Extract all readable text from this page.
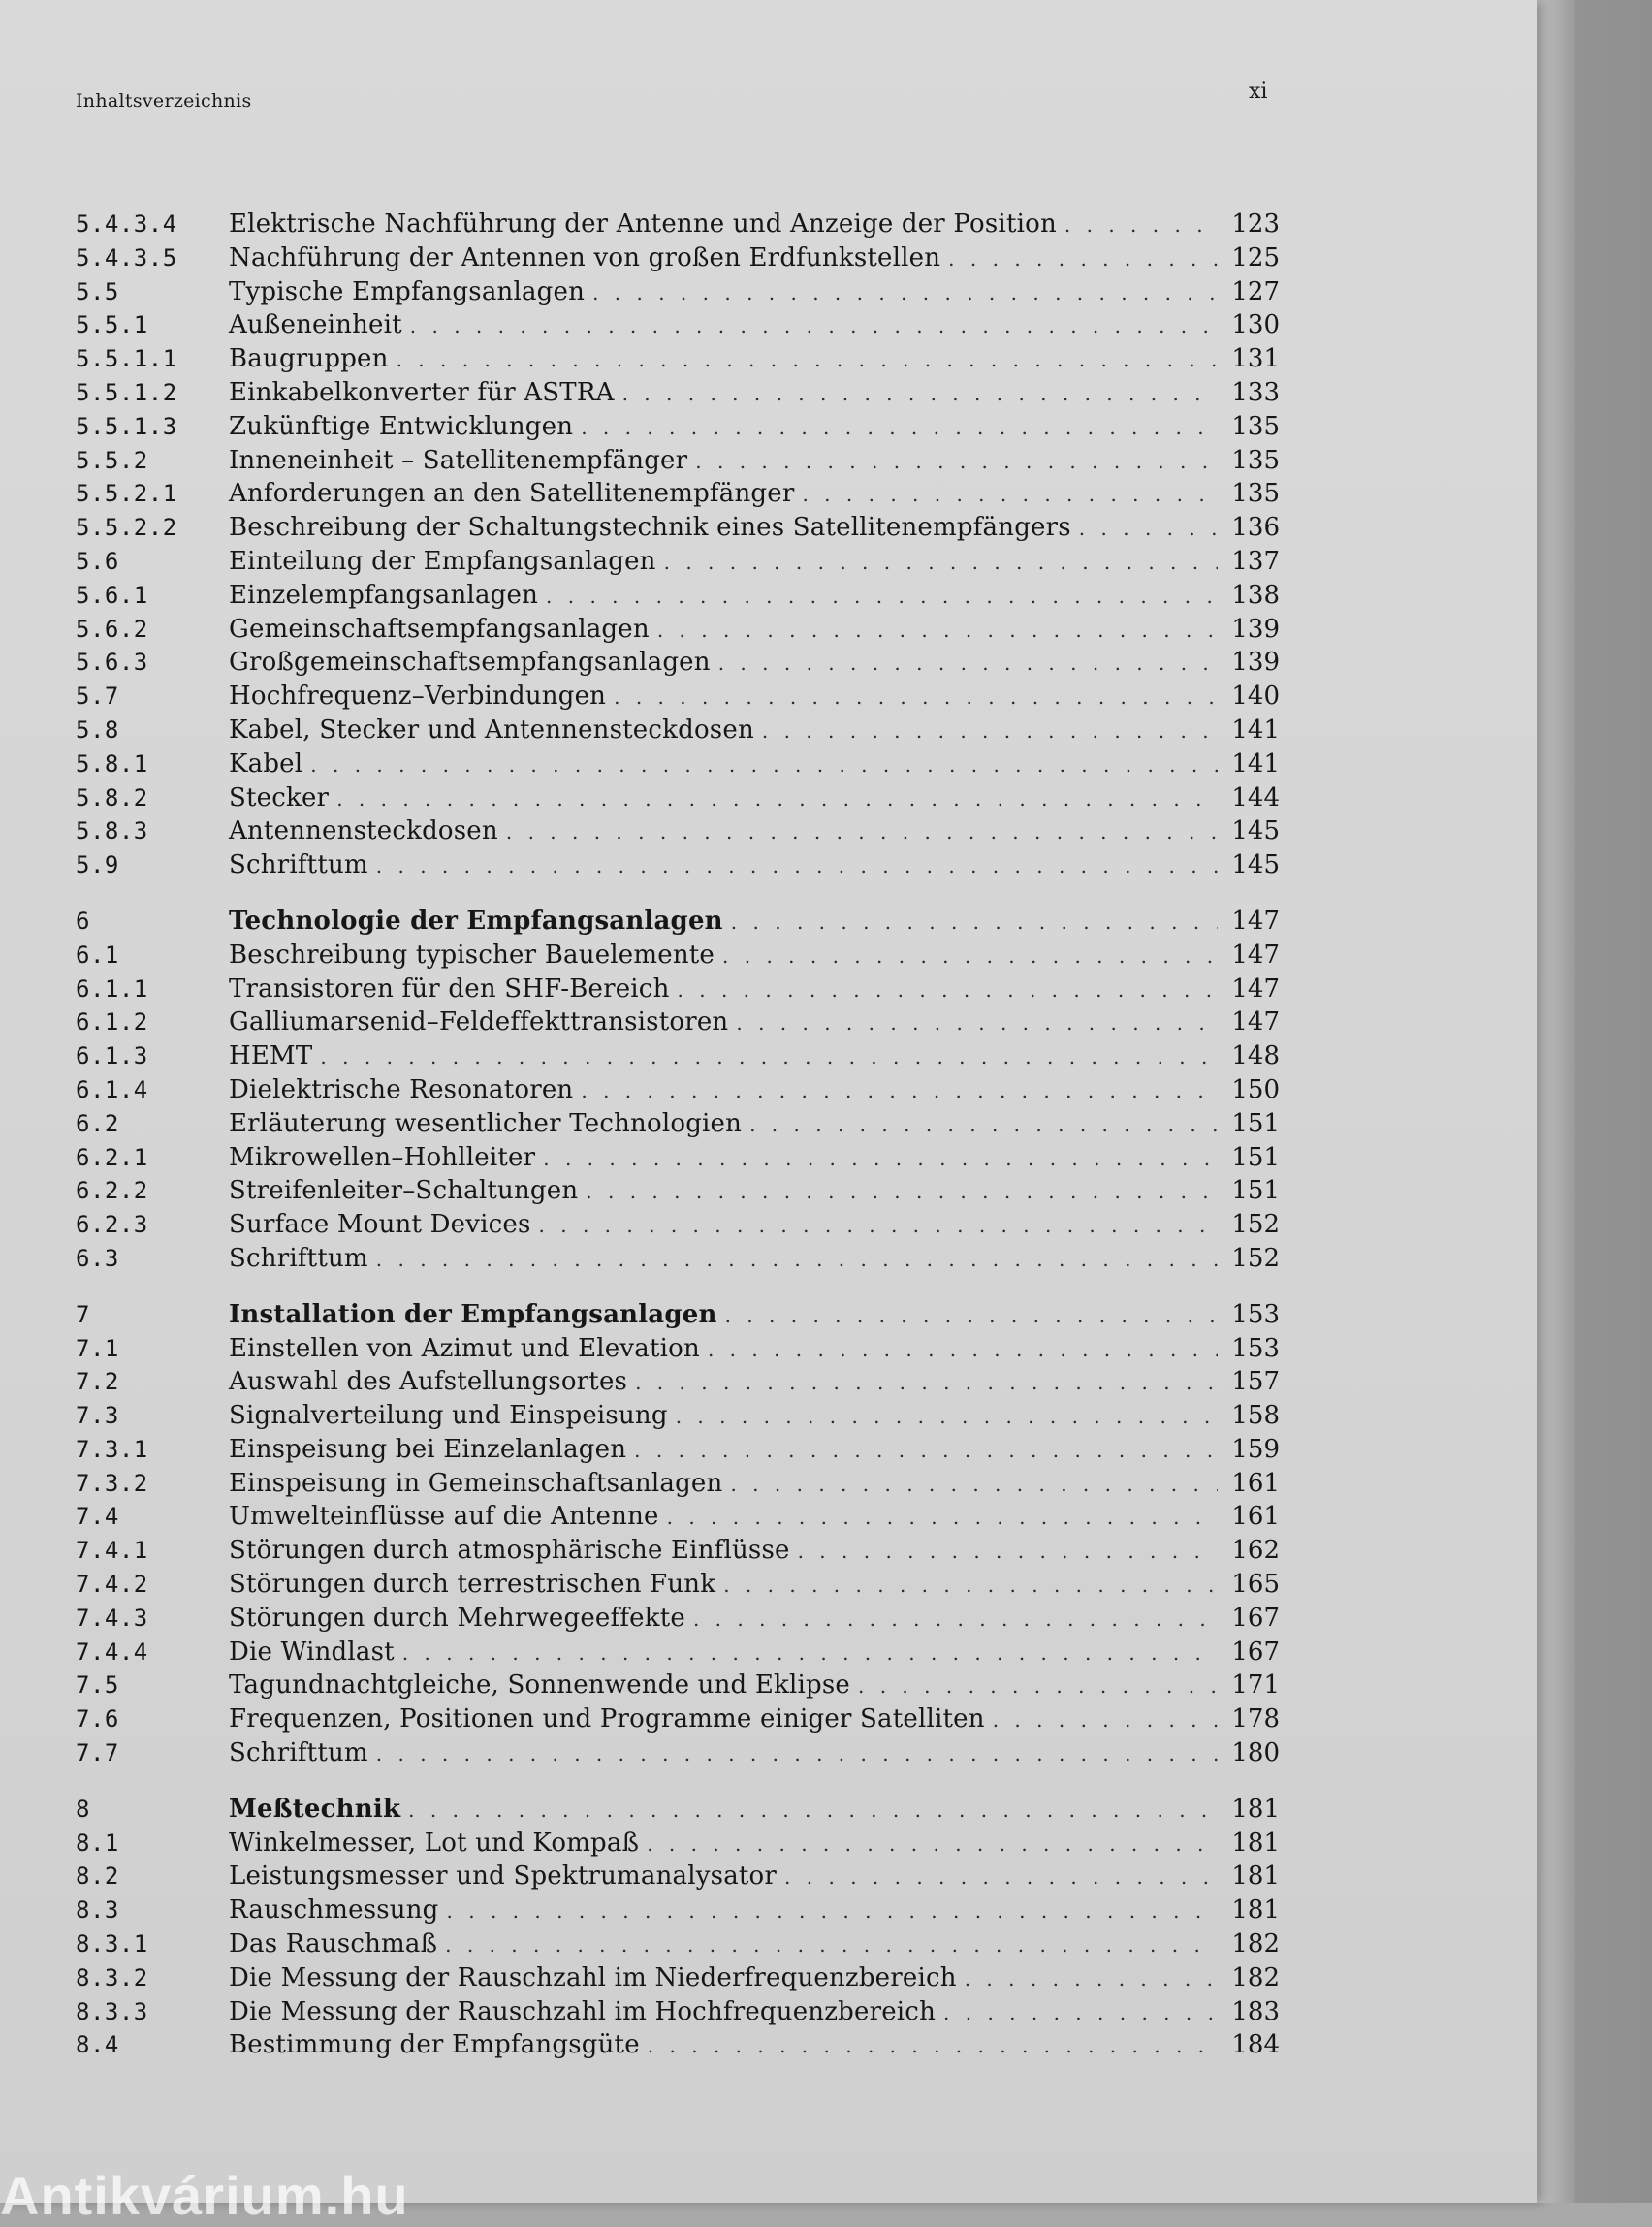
Inhaltsverzeichnis	xi
5.4.3.4	Elektrische Nachführung der Antenne und Anzeige der Position . . .	123
5.4.3.5	Nachführung der Antennen von großen Erdfunkstellen . . .	125
5.5	Typische Empfangsanlagen . . .	127
5.5.1	Außeneinheit . . .	130
5.5.1.1	Baugruppen . . .	131
5.5.1.2	Einkabelkonverter für ASTRA . . .	133
5.5.1.3	Zukünftige Entwicklungen . . .	135
5.5.2	Inneneinheit – Satellitenempfänger . . .	135
5.5.2.1	Anforderungen an den Satellitenempfänger . . .	135
5.5.2.2	Beschreibung der Schaltungstechnik eines Satellitenempfängers . . .	136
5.6	Einteilung der Empfangsanlagen . . .	137
5.6.1	Einzelempfangsanlagen . . .	138
5.6.2	Gemeinschaftsempfangsanlagen . . .	139
5.6.3	Großgemeinschaftsempfangsanlagen . . .	139
5.7	Hochfrequenz–Verbindungen . . .	140
5.8	Kabel, Stecker und Antennensteckdosen . . .	141
5.8.1	Kabel . . .	141
5.8.2	Stecker . . .	144
5.8.3	Antennensteckdosen . . .	145
5.9	Schrifttum . . .	145
6	Technologie der Empfangsanlagen . . .	147
6.1	Beschreibung typischer Bauelemente . . .	147
6.1.1	Transistoren für den SHF-Bereich . . .	147
6.1.2	Galliumarsenid–Feldeffekttransistoren . . .	147
6.1.3	HEMT . . .	148
6.1.4	Dielektrische Resonatoren . . .	150
6.2	Erläuterung wesentlicher Technologien . . .	151
6.2.1	Mikrowellen–Hohlleiter . . .	151
6.2.2	Streifenleiter–Schaltungen . . .	151
6.2.3	Surface Mount Devices . . .	152
6.3	Schrifttum . . .	152
7	Installation der Empfangsanlagen . . .	153
7.1	Einstellen von Azimut und Elevation . . .	153
7.2	Auswahl des Aufstellungsortes . . .	157
7.3	Signalverteilung und Einspeisung . . .	158
7.3.1	Einspeisung bei Einzelanlagen . . .	159
7.3.2	Einspeisung in Gemeinschaftsanlagen . . .	161
7.4	Umwelteinflüsse auf die Antenne . . .	161
7.4.1	Störungen durch atmosphärische Einflüsse . . .	162
7.4.2	Störungen durch terrestrischen Funk . . .	165
7.4.3	Störungen durch Mehrwegeeffekte . . .	167
7.4.4	Die Windlast . . .	167
7.5	Tagundnachtgleiche, Sonnenwende und Eklipse . . .	171
7.6	Frequenzen, Positionen und Programme einiger Satelliten . . .	178
7.7	Schrifttum . . .	180
8	Meßtechnik . . .	181
8.1	Winkelmesser, Lot und Kompaß . . .	181
8.2	Leistungsmesser und Spektrumanalysator . . .	181
8.3	Rauschmessung . . .	181
8.3.1	Das Rauschmaß . . .	182
8.3.2	Die Messung der Rauschzahl im Niederfrequenzbereich . . .	182
8.3.3	Die Messung der Rauschzahl im Hochfrequenzbereich . . .	183
8.4	Bestimmung der Empfangsgüte . . .	184
Antikvárium.hu
